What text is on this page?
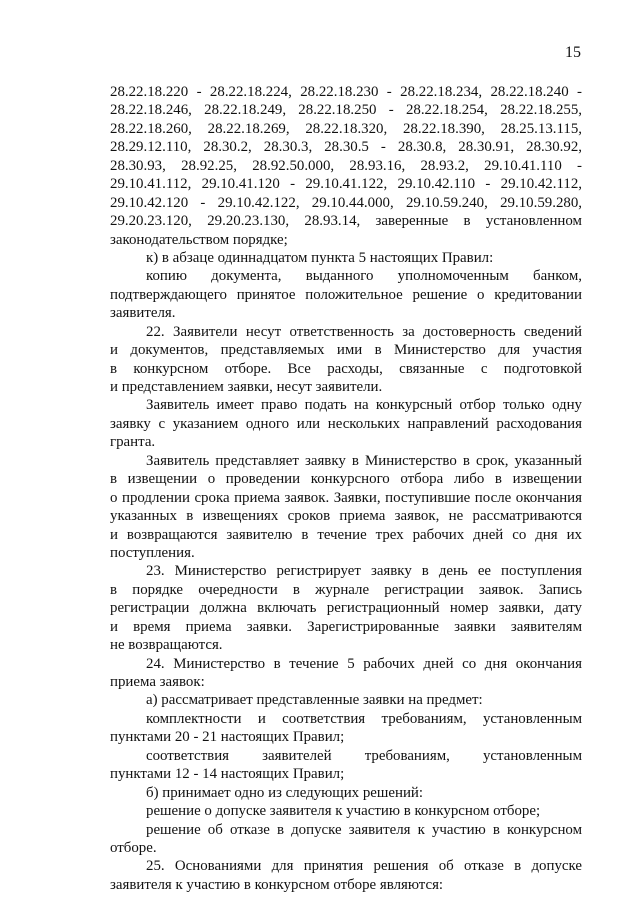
15
28.22.18.220 - 28.22.18.224, 28.22.18.230 - 28.22.18.234, 28.22.18.240 -
28.22.18.246, 28.22.18.249, 28.22.18.250 - 28.22.18.254, 28.22.18.255,
28.22.18.260, 28.22.18.269, 28.22.18.320, 28.22.18.390, 28.25.13.115,
28.29.12.110, 28.30.2, 28.30.3, 28.30.5 - 28.30.8, 28.30.91, 28.30.92,
28.30.93, 28.92.25, 28.92.50.000, 28.93.16, 28.93.2, 29.10.41.110 -
29.10.41.112, 29.10.41.120 - 29.10.41.122, 29.10.42.110 - 29.10.42.112,
29.10.42.120 - 29.10.42.122, 29.10.44.000, 29.10.59.240, 29.10.59.280,
29.20.23.120, 29.20.23.130, 28.93.14, заверенные в установленном
законодательством порядке;
к) в абзаце одиннадцатом пункта 5 настоящих Правил:
копию документа, выданного уполномоченным банком,
подтверждающего принятое положительное решение о кредитовании
заявителя.
22. Заявители несут ответственность за достоверность сведений
и документов, представляемых ими в Министерство для участия
в конкурсном отборе. Все расходы, связанные с подготовкой
и представлением заявки, несут заявители.
Заявитель имеет право подать на конкурсный отбор только одну
заявку с указанием одного или нескольких направлений расходования
гранта.
Заявитель представляет заявку в Министерство в срок, указанный
в извещении о проведении конкурсного отбора либо в извещении
о продлении срока приема заявок. Заявки, поступившие после окончания
указанных в извещениях сроков приема заявок, не рассматриваются
и возвращаются заявителю в течение трех рабочих дней со дня их
поступления.
23. Министерство регистрирует заявку в день ее поступления
в порядке очередности в журнале регистрации заявок. Запись
регистрации должна включать регистрационный номер заявки, дату
и время приема заявки. Зарегистрированные заявки заявителям
не возвращаются.
24. Министерство в течение 5 рабочих дней со дня окончания
приема заявок:
а) рассматривает представленные заявки на предмет:
комплектности и соответствия требованиям, установленным
пунктами 20 - 21 настоящих Правил;
соответствия заявителей требованиям, установленным
пунктами 12 - 14 настоящих Правил;
б) принимает одно из следующих решений:
решение о допуске заявителя к участию в конкурсном отборе;
решение об отказе в допуске заявителя к участию в конкурсном
отборе.
25. Основаниями для принятия решения об отказе в допуске
заявителя к участию в конкурсном отборе являются:
